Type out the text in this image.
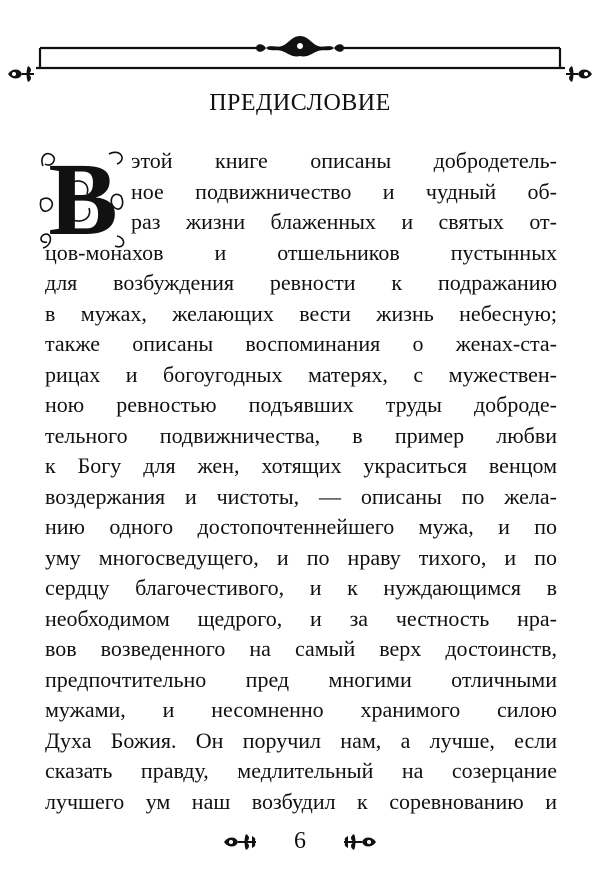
ПРЕДИСЛОВИЕ
В этой книге описаны добродетель-
ное подвижничество и чудный об-
раз жизни блаженных и святых от-
цов-монахов и отшельников пустынных
для возбуждения ревности к подражанию
в мужах, желающих вести жизнь небесную;
также описаны воспоминания о женах-ста-
рицах и богоугодных матерях, с мужествен-
ною ревностью подъявших труды доброде-
тельного подвижничества, в пример любви
к Богу для жен, хотящих украситься венцом
воздержания и чистоты, — описаны по жела-
нию одного достопочтеннейшего мужа, и по
уму многосведущего, и по нраву тихого, и по
сердцу благочестивого, и к нуждающимся в
необходимом щедрого, и за честность нра-
вов возведенного на самый верх достоинств,
предпочтительно пред многими отличными
мужами, и несомненно хранимого силою
Духа Божия. Он поручил нам, а лучше, если
сказать правду, медлительный на созерцание
лучшего ум наш возбудил к соревнованию и
6
